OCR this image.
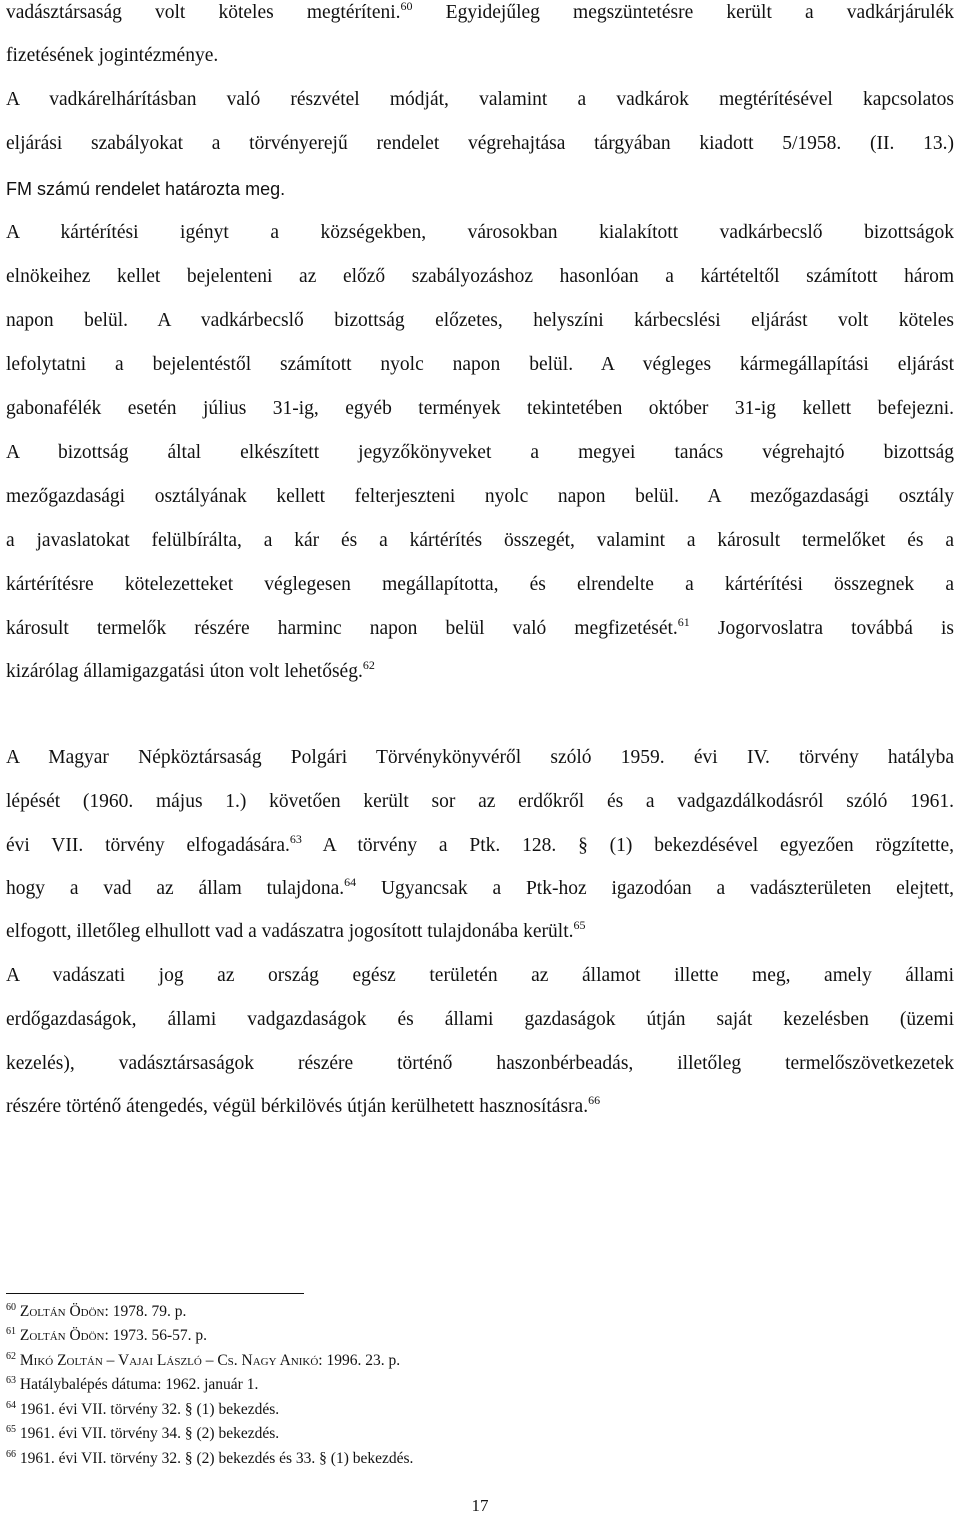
vadásztársaság volt köteles megtéríteni.$^{60}$ Egyidejűleg megszüntetésre került a vadkárjárulék
fizetésének jogintézménye.
A vadkárelhárításban való részvétel módját, valamint a vadkárok megtérítésével kapcsolatos
eljárási szabályokat a törvényerejű rendelet végrehajtása tárgyában kiadott 5/1958. (II. 13.)
FM számú rendelet határozta meg.
A kártérítési igényt a községekben, városokban kialakított vadkárbecslő bizottságok
elnökeihez kellet bejelenteni az előző szabályozáshoz hasonlóan a kártételtől számított három
napon belül. A vadkárbecslő bizottság előzetes, helyszíni kárbecslési eljárást volt köteles
lefolytatni a bejelentéstől számított nyolc napon belül. A végleges kármegállapítási eljárást
gabonafélék esetén július 31-ig, egyéb termények tekintetében október 31-ig kellett befejezni.
A bizottság által elkészített jegyzőkönyveket a megyei tanács végrehajtó bizottság
mezőgazdasági osztályának kellett felterjeszteni nyolc napon belül. A mezőgazdasági osztály
a javaslatokat felülbírálta, a kár és a kártérítés összegét, valamint a károsult termelőket és a
kártérítésre kötelezetteket véglegesen megállapította, és elrendelte a kártérítési összegnek a
károsult termelők részére harminc napon belül való megfizetését.$^{61}$ Jogorvoslatra továbbá is
kizárólag államigazgatási úton volt lehetőség.$^{62}$
A Magyar Népköztársaság Polgári Törvénykönyvéről szóló 1959. évi IV. törvény hatályba
lépését (1960. május 1.) követően került sor az erdőkről és a vadgazdálkodásról szóló 1961.
évi VII. törvény elfogadására.$^{63}$ A törvény a Ptk. 128. § (1) bekezdésével egyezően rögzítette,
hogy a vad az állam tulajdona.$^{64}$ Ugyancsak a Ptk-hoz igazodóan a vadászterületen elejtett,
elfogott, illetőleg elhullott vad a vadászatra jogosított tulajdonába került.$^{65}$
A vadászati jog az ország egész területén az államot illette meg, amely állami
erdőgazdaságok, állami vadgazdaságok és állami gazdaságok útján saját kezelésben (üzemi
kezelés), vadásztársaságok részére történő haszonbérbeadás, illetőleg termelőszövetkezetek
részére történő átengedés, végül bérkilövés útján kerülhetett hasznosításra.$^{66}$
$^{60}$ Zoltán Ödön: 1978. 79. p.
$^{61}$ Zoltán Ödön: 1973. 56-57. p.
$^{62}$ Mikó Zoltán – Vajai László – Cs. Nagy Anikó: 1996. 23. p.
$^{63}$ Hatálybalépés dátuma: 1962. január 1.
$^{64}$ 1961. évi VII. törvény 32. § (1) bekezdés.
$^{65}$ 1961. évi VII. törvény 34. § (2) bekezdés.
$^{66}$ 1961. évi VII. törvény 32. § (2) bekezdés és 33. § (1) bekezdés.
17
